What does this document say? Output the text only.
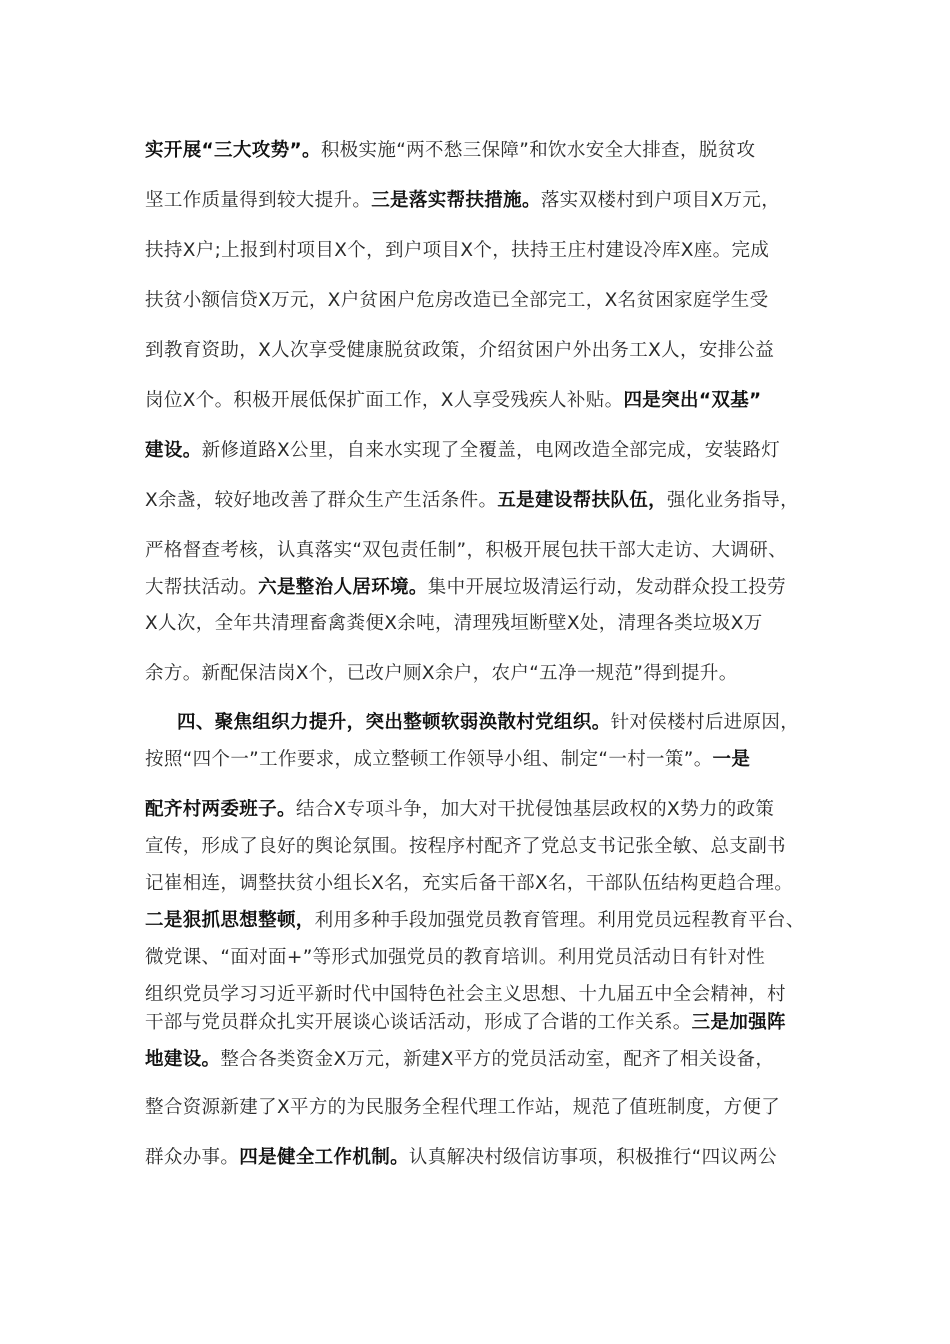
实开展“三大攻势”。积极实施“两不愁三保障”和饮水安全大排查，脱贫攻
坚工作质量得到较大提升。三是落实帮扶措施。落实双楼村到户项目X万元，
扶持X户;上报到村项目X个，到户项目X个，扶持王庄村建设冷库X座。完成
扶贫小额信贷X万元，X户贫困户危房改造已全部完工，X名贫困家庭学生受
到教育资助，X人次享受健康脱贫政策，介绍贫困户外出务工X人，安排公益
岗位X个。积极开展低保扩面工作，X人享受残疾人补贴。四是突出“双基”
建设。新修道路X公里，自来水实现了全覆盖，电网改造全部完成，安装路灯
X余盏，较好地改善了群众生产生活条件。五是建设帮扶队伍，强化业务指导，
严格督查考核，认真落实“双包责任制”，积极开展包扶干部大走访、大调研、
大帮扶活动。六是整治人居环境。集中开展垃圾清运行动，发动群众投工投劳
X人次，全年共清理畜禽粪便X余吨，清理残垣断壁X处，清理各类垃圾X万
余方。新配保洁岗X个，已改户厕X余户，农户“五净一规范”得到提升。
四、聚焦组织力提升，突出整顿软弱涣散村党组织。针对侯楼村后进原因，
按照“四个一”工作要求，成立整顿工作领导小组、制定“一村一策”。一是
配齐村两委班子。结合X专项斗争，加大对干扰侵蚀基层政权的X势力的政策
宣传，形成了良好的舆论氛围。按程序村配齐了党总支书记张全敏、总支副书
记崔相连，调整扶贫小组长X名，充实后备干部X名，干部队伍结构更趋合理。
二是狠抓思想整顿，利用多种手段加强党员教育管理。利用党员远程教育平台、
微党课、“面对面+”等形式加强党员的教育培训。利用党员活动日有针对性
组织党员学习习近平新时代中国特色社会主义思想、十九届五中全会精神，村
干部与党员群众扎实开展谈心谈话活动，形成了合谐的工作关系。三是加强阵
地建设。整合各类资金X万元，新建X平方的党员活动室，配齐了相关设备，
整合资源新建了X平方的为民服务全程代理工作站，规范了值班制度，方便了
群众办事。四是健全工作机制。认真解决村级信访事项，积极推行“四议两公
